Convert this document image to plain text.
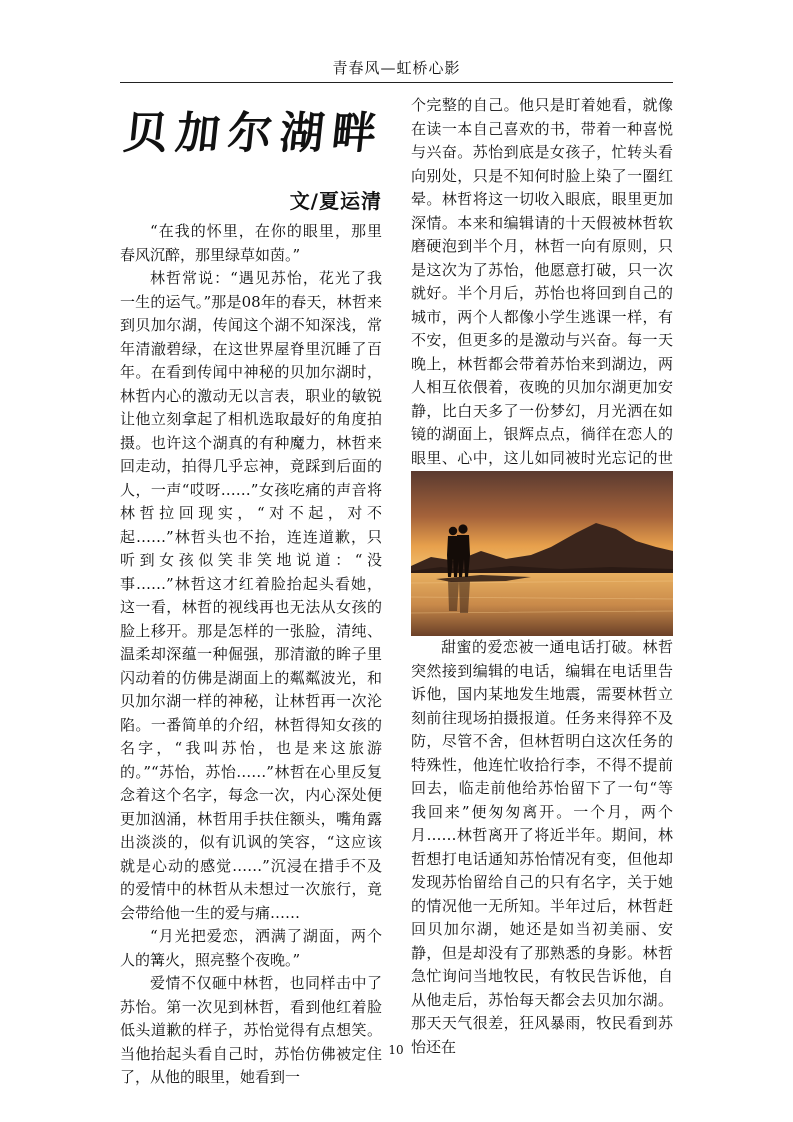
青春风—虹桥心影
贝加尔湖畔
文/夏运清

“在我的怀里，在你的眼里，那里春风沉醉，那里绿草如茵。”

林哲常说：“遇见苏怡，花光了我一生的运气。”那是08年的春天，林哲来到贝加尔湖，传闻这个湖不知深浅，常年清澈碧绿，在这世界屋脊里沉睡了百年。在看到传闻中神秘的贝加尔湖时，林哲内心的激动无以言表，职业的敏锐让他立刻拿起了相机选取最好的角度拍摄。也许这个湖真的有种魔力，林哲来回走动，拍得几乎忘神，竟踩到后面的人，一声“哎呀……”女孩吃痛的声音将林哲拉回现实，“对不起，对不起……”林哲头也不抬，连连道歉，只听到女孩似笑非笑地说道：“没事……”林哲这才红着脸抬起头看她，这一看，林哲的视线再也无法从女孩的脸上移开。那是怎样的一张脸，清纯、温柔却深蕴一种倔强，那清澈的眸子里闪动着的仿佛是湖面上的粼粼波光，和贝加尔湖一样的神秘，让林哲再一次沦陷。一番简单的介绍，林哲得知女孩的名字，“我叫苏怡，也是来这旅游的。”“苏怡，苏怡……”林哲在心里反复念着这个名字，每念一次，内心深处便更加汹涌，林哲用手扶住额头，嘴角露出淡淡的，似有讥讽的笑容，“这应该就是心动的感觉……”沉浸在措手不及的爱情中的林哲从未想过一次旅行，竟会带给他一生的爱与痛……

“月光把爱恋，洒满了湖面，两个人的篝火，照亮整个夜晚。”

爱情不仅砸中林哲，也同样击中了苏怡。第一次见到林哲，看到他红着脸低头道歉的样子，苏怡觉得有点想笑。当他抬起头看自己时，苏怡仿佛被定住了，从他的眼里，她看到一

个完整的自己。他只是盯着她看，就像在读一本自己喜欢的书，带着一种喜悦与兴奋。苏怡到底是女孩子，忙转头看向别处，只是不知何时脸上染了一圈红晕。林哲将这一切收入眼底，眼里更加深情。本来和编辑请的十天假被林哲软磨硬泡到半个月，林哲一向有原则，只是这次为了苏怡，他愿意打破，只一次就好。半个月后，苏怡也将回到自己的城市，两个人都像小学生逃课一样，有不安，但更多的是激动与兴奋。每一天晚上，林哲都会带着苏怡来到湖边，两人相互依偎着，夜晚的贝加尔湖更加安静，比白天多了一份梦幻，月光洒在如镜的湖面上，银辉点点，徜徉在恋人的眼里、心中，这儿如同被时光忘记的世

甜蜜的爱恋被一通电话打破。林哲突然接到编辑的电话，编辑在电话里告诉他，国内某地发生地震，需要林哲立刻前往现场拍摄报道。任务来得猝不及防，尽管不舍，但林哲明白这次任务的特殊性，他连忙收拾行李，不得不提前回去，临走前他给苏怡留下了一句“等我回来”便匆匆离开。一个月，两个月……林哲离开了将近半年。期间，林哲想打电话通知苏怡情况有变，但他却发现苏怡留给自己的只有名字，关于她的情况他一无所知。半年过后，林哲赶回贝加尔湖，她还是如当初美丽、安静，但是却没有了那熟悉的身影。林哲急忙询问当地牧民，有牧民告诉他，自从他走后，苏怡每天都会去贝加尔湖。那天天气很差，狂风暴雨，牧民看到苏怡还在

10
